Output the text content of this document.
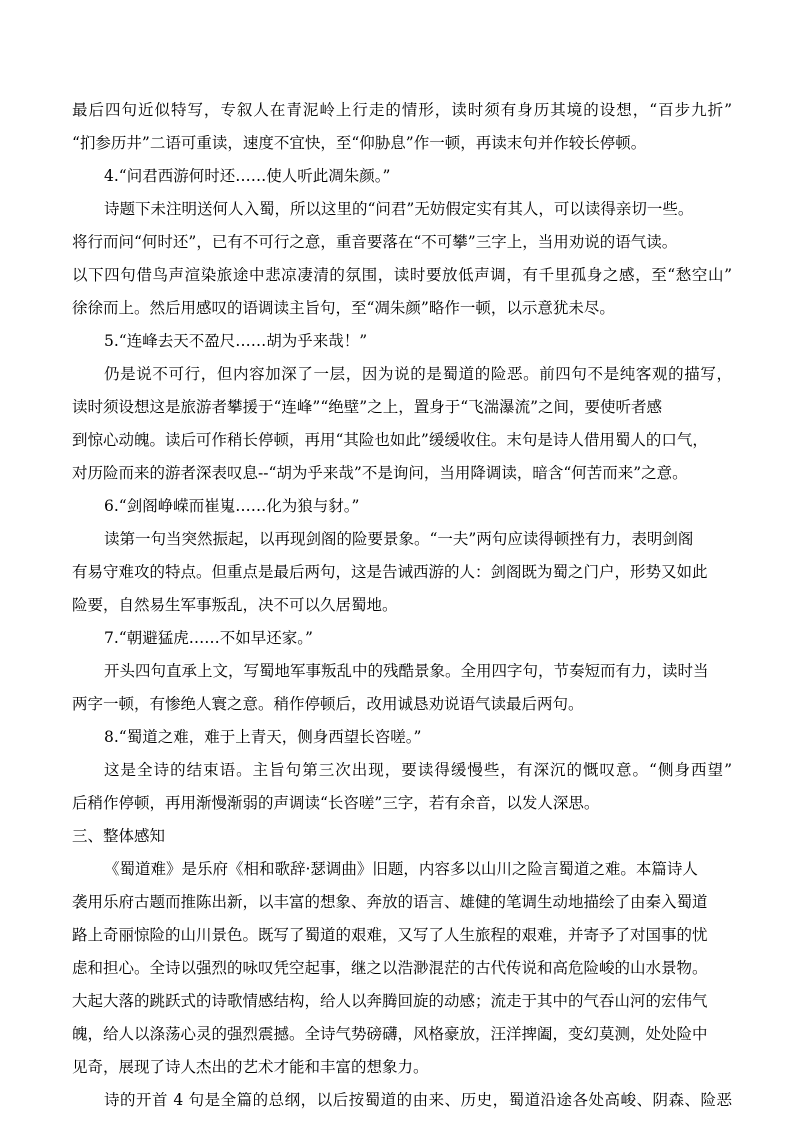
最后四句近似特写，专叙人在青泥岭上行走的情形，读时须有身历其境的设想，“百步九折”
“扪参历井”二语可重读，速度不宜快，至“仰胁息”作一顿，再读末句并作较长停顿。
4.“问君西游何时还……使人听此凋朱颜。”
诗题下未注明送何人入蜀，所以这里的“问君”无妨假定实有其人，可以读得亲切一些。
将行而问“何时还”，已有不可行之意，重音要落在“不可攀”三字上，当用劝说的语气读。
以下四句借鸟声渲染旅途中悲凉凄清的氛围，读时要放低声调，有千里孤身之感，至“愁空山”
徐徐而上。然后用感叹的语调读主旨句，至“凋朱颜”略作一顿，以示意犹未尽。
5.“连峰去天不盈尺……胡为乎来哉！”
仍是说不可行，但内容加深了一层，因为说的是蜀道的险恶。前四句不是纯客观的描写，
读时须设想这是旅游者攀援于“连峰”“绝壁”之上，置身于“飞湍瀑流”之间，要使听者感
到惊心动魄。读后可作稍长停顿，再用“其险也如此”缓缓收住。末句是诗人借用蜀人的口气，
对历险而来的游者深表叹息--“胡为乎来哉”不是询问，当用降调读，暗含“何苦而来”之意。
6.“剑阁峥嵘而崔嵬……化为狼与豺。”
读第一句当突然振起，以再现剑阁的险要景象。“一夫”两句应读得顿挫有力，表明剑阁
有易守难攻的特点。但重点是最后两句，这是告诫西游的人：剑阁既为蜀之门户，形势又如此
险要，自然易生军事叛乱，决不可以久居蜀地。
7.“朝避猛虎……不如早还家。”
开头四句直承上文，写蜀地军事叛乱中的残酷景象。全用四字句，节奏短而有力，读时当
两字一顿，有惨绝人寰之意。稍作停顿后，改用诚恳劝说语气读最后两句。
8.“蜀道之难，难于上青天，侧身西望长咨嗟。”
这是全诗的结束语。主旨句第三次出现，要读得缓慢些，有深沉的慨叹意。“侧身西望”
后稍作停顿，再用渐慢渐弱的声调读“长咨嗟”三字，若有余音，以发人深思。
三、整体感知
《蜀道难》是乐府《相和歌辞·瑟调曲》旧题，内容多以山川之险言蜀道之难。本篇诗人
袭用乐府古题而推陈出新，以丰富的想象、奔放的语言、雄健的笔调生动地描绘了由秦入蜀道
路上奇丽惊险的山川景色。既写了蜀道的艰难，又写了人生旅程的艰难，并寄予了对国事的忧
虑和担心。全诗以强烈的咏叹凭空起事，继之以浩渺混茫的古代传说和高危险峻的山水景物。
大起大落的跳跃式的诗歌情感结构，给人以奔腾回旋的动感；流走于其中的气吞山河的宏伟气
魄，给人以涤荡心灵的强烈震撼。全诗气势磅礴，风格豪放，汪洋捭阖，变幻莫测，处处险中
见奇，展现了诗人杰出的艺术才能和丰富的想象力。
诗的开首 4 句是全篇的总纲，以后按蜀道的由来、历史，蜀道沿途各处高峻、阴森、险恶
